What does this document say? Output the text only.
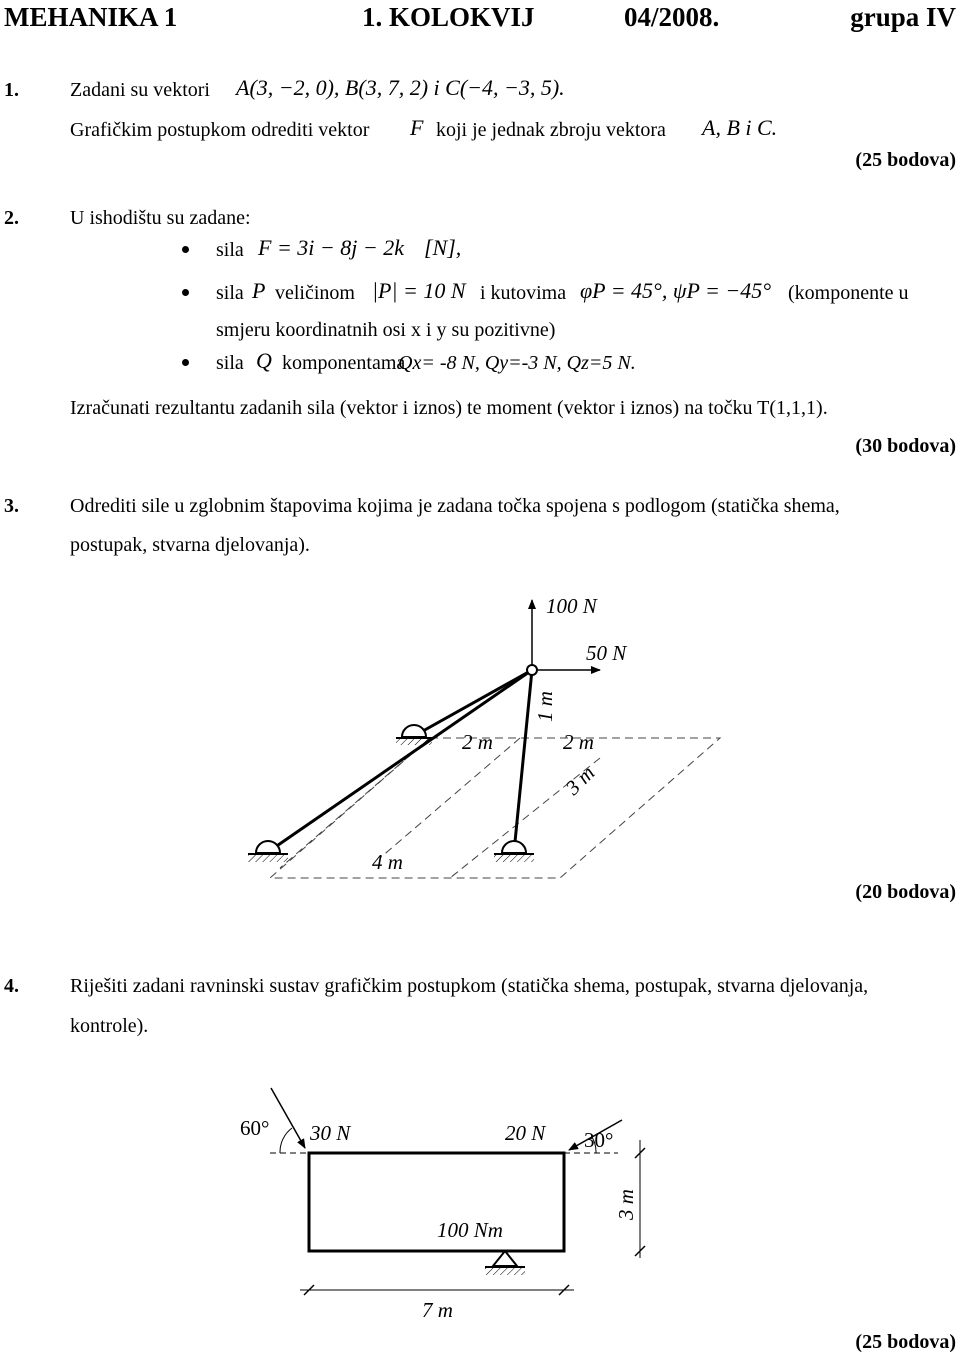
MEHANIKA 1	1. KOLOKVIJ	04/2008.	grupa IV
1.	Zadani su vektori A(3, −2, 0), B(3, 7, 2) i C(−4, −3, 5).
Grafičkim postupkom odrediti vektor F koji je jednak zbroju vektora A, B i C.
(25 bodova)
2.	U ishodištu su zadane:
sila F = 3i − 8j − 2k [N],
sila P veličinom |P| = 10 N i kutovima φP = 45°, ψP = −45° (komponente u
smjeru koordinatnih osi x i y su pozitivne)
sila Q komponentama
Qx= -8 N, Qy=-3 N, Qz=5 N.
Izračunati rezultantu zadanih sila (vektor i iznos) te moment (vektor i iznos) na točku T(1,1,1).
(30 bodova)
3.	Odrediti sile u zglobnim štapovima kojima je zadana točka spojena s podlogom (statička shema,
postupak, stvarna djelovanja).
100 N
50 N
1 m
2 m	2 m
3 m
4 m
(20 bodova)
4.	Riješiti zadani ravninski sustav grafičkim postupkom (statička shema, postupak, stvarna djelovanja,
kontrole).
3 m
7 m
60° 30 N	20 N 30°
100 Nm
(25 bodova)
